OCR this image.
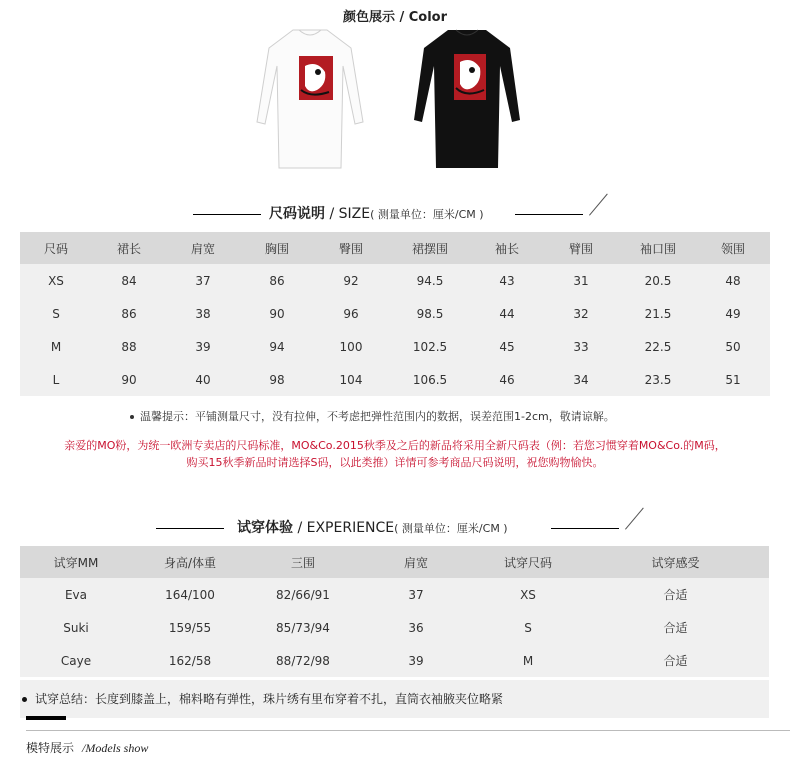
颜色展示 / Color
尺码说明 / SIZE( 测量单位：厘米/CM )
尺码	裙长	肩宽	胸围	臀围	裙摆围	袖长	臂围	袖口围	领围
XS	84	37	86	92	94.5	43	31	20.5	48
S	86	38	90	96	98.5	44	32	21.5	49
M	88	39	94	100	102.5	45	33	22.5	50
L	90	40	98	104	106.5	46	34	23.5	51
温馨提示：平铺测量尺寸，没有拉伸，不考虑把弹性范围内的数据，误差范围1-2cm，敬请谅解。
亲爱的MO粉，为统一欧洲专卖店的尺码标准，MO&Co.2015秋季及之后的新品将采用全新尺码表（例：若您习惯穿着MO&Co.的M码，
购买15秋季新品时请选择S码，以此类推）详情可参考商品尺码说明，祝您购物愉快。
试穿体验 / EXPERIENCE( 测量单位：厘米/CM )
试穿MM	身高/体重	三围	肩宽	试穿尺码	试穿感受
Eva	164/100	82/66/91	37	XS	合适
Suki	159/55	85/73/94	36	S	合适
Caye	162/58	88/72/98	39	M	合适
试穿总结：长度到膝盖上，棉料略有弹性，珠片绣有里布穿着不扎，直筒衣袖腋夹位略紧
模特展示 /Models show
